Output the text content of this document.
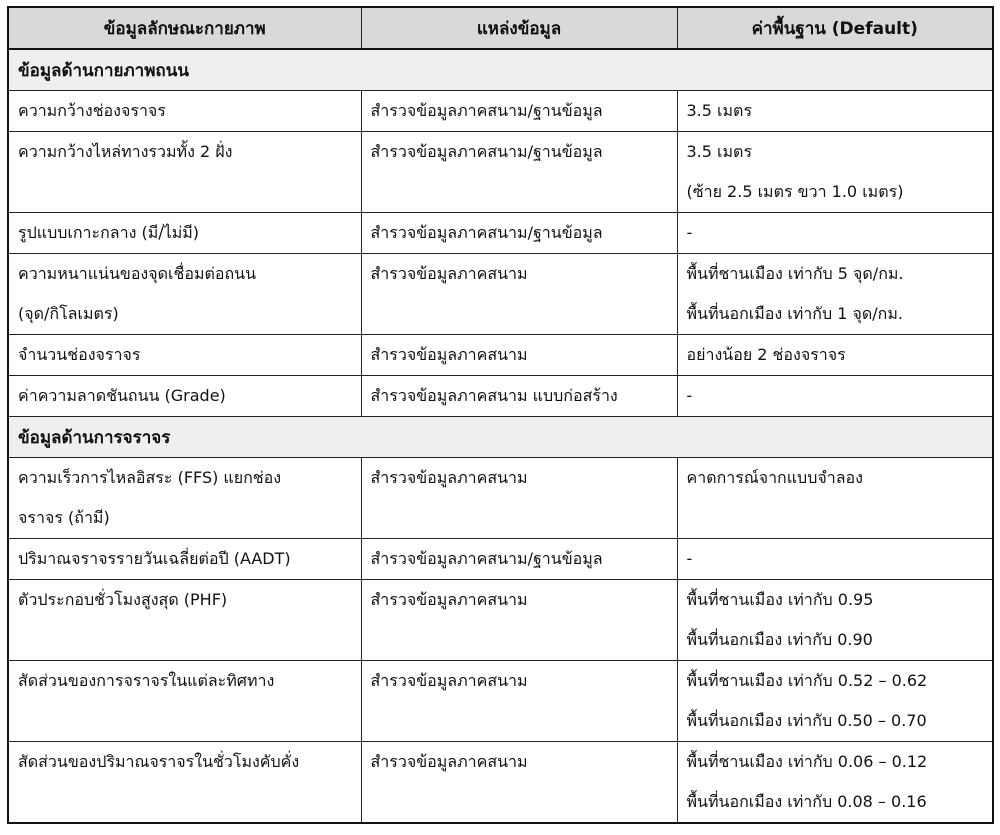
ข้อมูลลักษณะกายภาพ	แหล่งข้อมูล	ค่าพื้นฐาน (Default)
ข้อมูลด้านกายภาพถนน		

ความกว้างช่องจราจร	สำรวจข้อมูลภาคสนาม/ฐานข้อมูล	3.5 เมตร

ความกว้างไหล่ทางรวมทั้ง 2 ฝั่ง	สำรวจข้อมูลภาคสนาม/ฐานข้อมูล	3.5 เมตร
(ซ้าย 2.5 เมตร ขวา 1.0 เมตร)

รูปแบบเกาะกลาง (มี/ไม่มี)	สำรวจข้อมูลภาคสนาม/ฐานข้อมูล	-

ความหนาแน่นของจุดเชื่อมต่อถนน
(จุด/กิโลเมตร)	สำรวจข้อมูลภาคสนาม	พื้นที่ชานเมือง เท่ากับ 5 จุด/กม.
พื้นที่นอกเมือง เท่ากับ 1 จุด/กม.

จำนวนช่องจราจร	สำรวจข้อมูลภาคสนาม	อย่างน้อย 2 ช่องจราจร

ค่าความลาดชันถนน (Grade)	สำรวจข้อมูลภาคสนาม แบบก่อสร้าง	-

ข้อมูลด้านการจราจร		

ความเร็วการไหลอิสระ (FFS) แยกช่อง
จราจร (ถ้ามี)	สำรวจข้อมูลภาคสนาม	คาดการณ์จากแบบจำลอง

ปริมาณจราจรรายวันเฉลี่ยต่อปี (AADT)	สำรวจข้อมูลภาคสนาม/ฐานข้อมูล	-

ตัวประกอบชั่วโมงสูงสุด (PHF)	สำรวจข้อมูลภาคสนาม	พื้นที่ชานเมือง เท่ากับ 0.95
พื้นที่นอกเมือง เท่ากับ 0.90

สัดส่วนของการจราจรในแต่ละทิศทาง	สำรวจข้อมูลภาคสนาม	พื้นที่ชานเมือง เท่ากับ 0.52 – 0.62
พื้นที่นอกเมือง เท่ากับ 0.50 – 0.70

สัดส่วนของปริมาณจราจรในชั่วโมงคับคั่ง	สำรวจข้อมูลภาคสนาม	พื้นที่ชานเมือง เท่ากับ 0.06 – 0.12
พื้นที่นอกเมือง เท่ากับ 0.08 – 0.16
